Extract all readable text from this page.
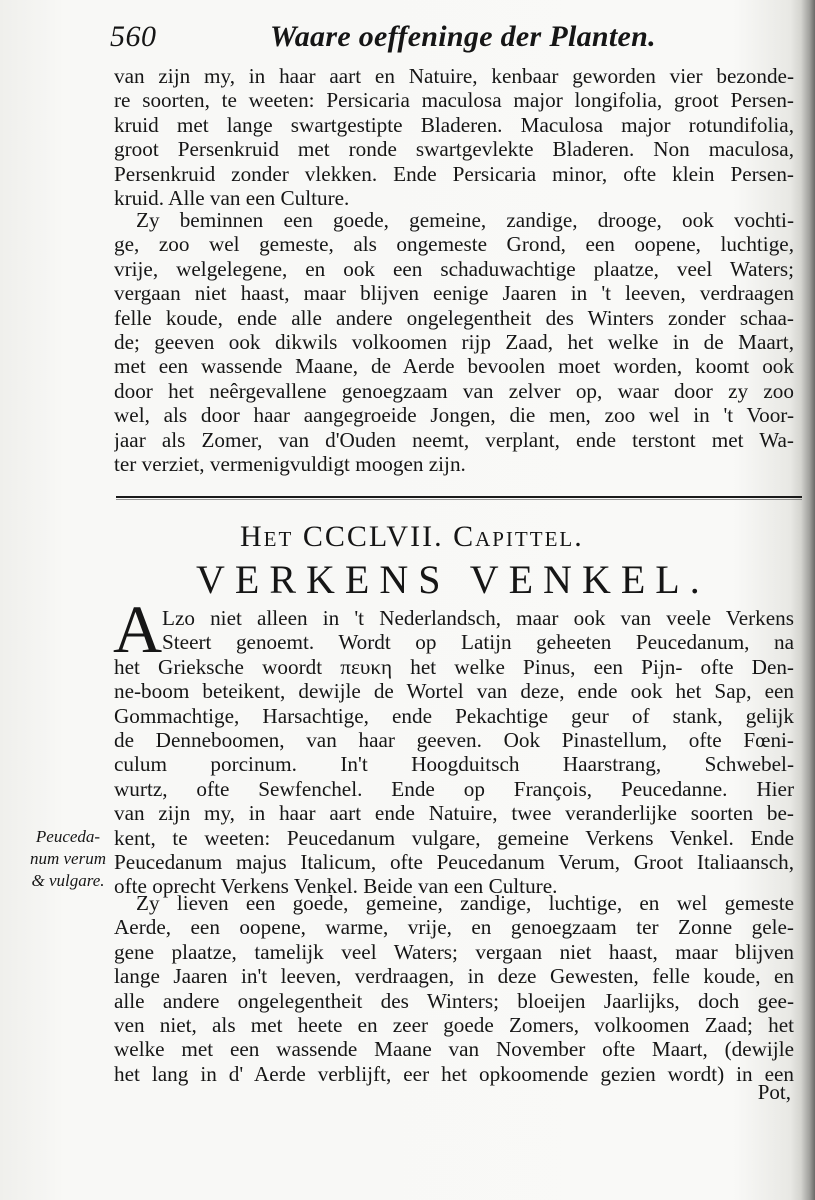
560	Waare oeffeninge der Planten.
van zijn my, in haar aart en Natuire, kenbaar geworden vier bezonde-
re soorten, te weeten: Persicaria maculosa major longifolia, groot Persen-
kruid met lange swartgestipte Bladeren. Maculosa major rotundifolia,
groot Persenkruid met ronde swartgevlekte Bladeren. Non maculosa,
Persenkruid zonder vlekken. Ende Persicaria minor, ofte klein Persen-
kruid. Alle van een Culture.
Zy beminnen een goede, gemeine, zandige, drooge, ook vochti-
ge, zoo wel gemeste, als ongemeste Grond, een oopene, luchtige,
vrije, welgelegene, en ook een schaduwachtige plaatze, veel Waters;
vergaan niet haast, maar blijven eenige Jaaren in 't leeven, verdraagen
felle koude, ende alle andere ongelegentheit des Winters zonder schaa-
de; geeven ook dikwils volkoomen rijp Zaad, het welke in de Maart,
met een wassende Maane, de Aerde bevoolen moet worden, koomt ook
door het neêrgevallene genoegzaam van zelver op, waar door zy zoo
wel, als door haar aangegroeide Jongen, die men, zoo wel in 't Voor-
jaar als Zomer, van d'Ouden neemt, verplant, ende terstont met Wa-
ter verziet, vermenigvuldigt moogen zijn.
Het CCCLVII. Capittel.
VERKENS VENKEL.
A Lzo niet alleen in 't Nederlandsch, maar ook van veele Verkens
Steert genoemt. Wordt op Latijn geheeten Peucedanum, na
het Grieksche woordt πευκη het welke Pinus, een Pijn- ofte Den-
ne-boom beteikent, dewijle de Wortel van deze, ende ook het Sap, een
Gommachtige, Harsachtige, ende Pekachtige geur of stank, gelijk
de Denneboomen, van haar geeven. Ook Pinastellum, ofte Fœni-
culum porcinum. In't Hoogduitsch Haarstrang, Schwebel-
wurtz, ofte Sewfenchel. Ende op François, Peucedanne. Hier
van zijn my, in haar aart ende Natuire, twee veranderlijke soorten be-
kent, te weeten: Peucedanum vulgare, gemeine Verkens Venkel. Ende
Peucedanum majus Italicum, ofte Peucedanum Verum, Groot Italiaansch,
ofte oprecht Verkens Venkel. Beide van een Culture.
Peuceda-
num verum
& vulgare.
Zy lieven een goede, gemeine, zandige, luchtige, en wel gemeste
Aerde, een oopene, warme, vrije, en genoegzaam ter Zonne gele-
gene plaatze, tamelijk veel Waters; vergaan niet haast, maar blijven
lange Jaaren in't leeven, verdraagen, in deze Gewesten, felle koude, en
alle andere ongelegentheit des Winters; bloeijen Jaarlijks, doch gee-
ven niet, als met heete en zeer goede Zomers, volkoomen Zaad; het
welke met een wassende Maane van November ofte Maart, (dewijle
het lang in d' Aerde verblijft, eer het opkoomende gezien wordt) in een
Pot,
